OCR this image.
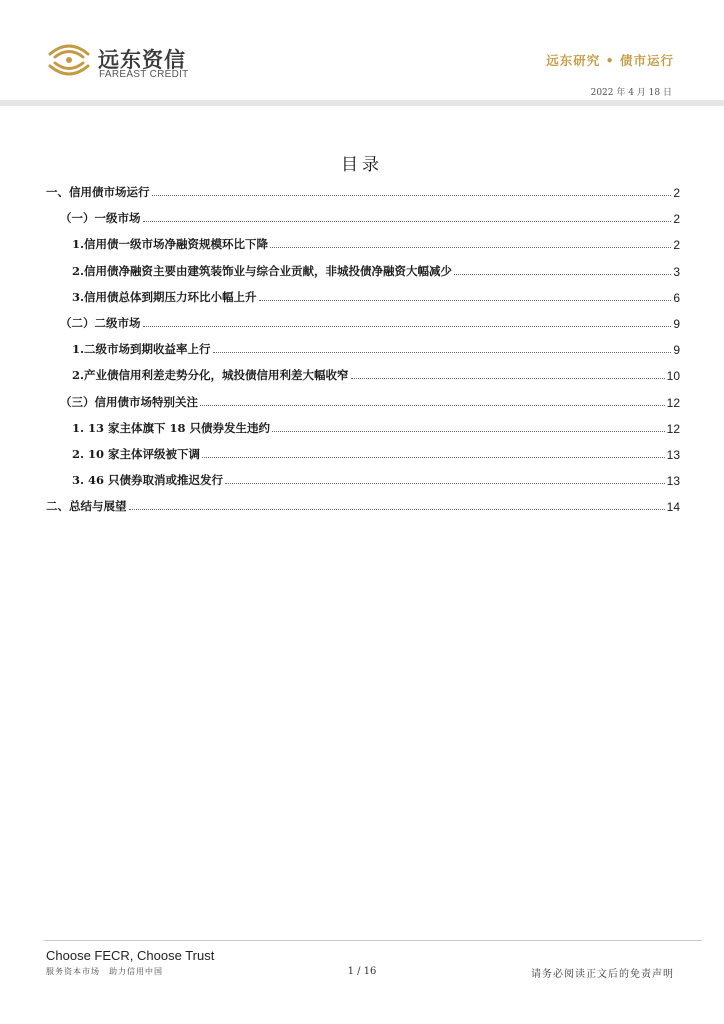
远东资信
FAREAST CREDIT
远东研究 • 债市运行
2022 年 4 月 18 日
目录
一、信用债市场运行	2
（一）一级市场	2
1.信用债一级市场净融资规模环比下降	2
2.信用债净融资主要由建筑装饰业与综合业贡献，非城投债净融资大幅减少	3
3.信用债总体到期压力环比小幅上升	6
（二）二级市场	9
1.二级市场到期收益率上行	9
2.产业债信用利差走势分化，城投债信用利差大幅收窄	10
（三）信用债市场特别关注	12
1. 13 家主体旗下 18 只债券发生违约	12
2. 10 家主体评级被下调	13
3. 46 只债券取消或推迟发行	13
二、总结与展望	14
Choose FECR, Choose Trust
服务资本市场　助力信用中国	1 / 16	请务必阅读正文后的免责声明
